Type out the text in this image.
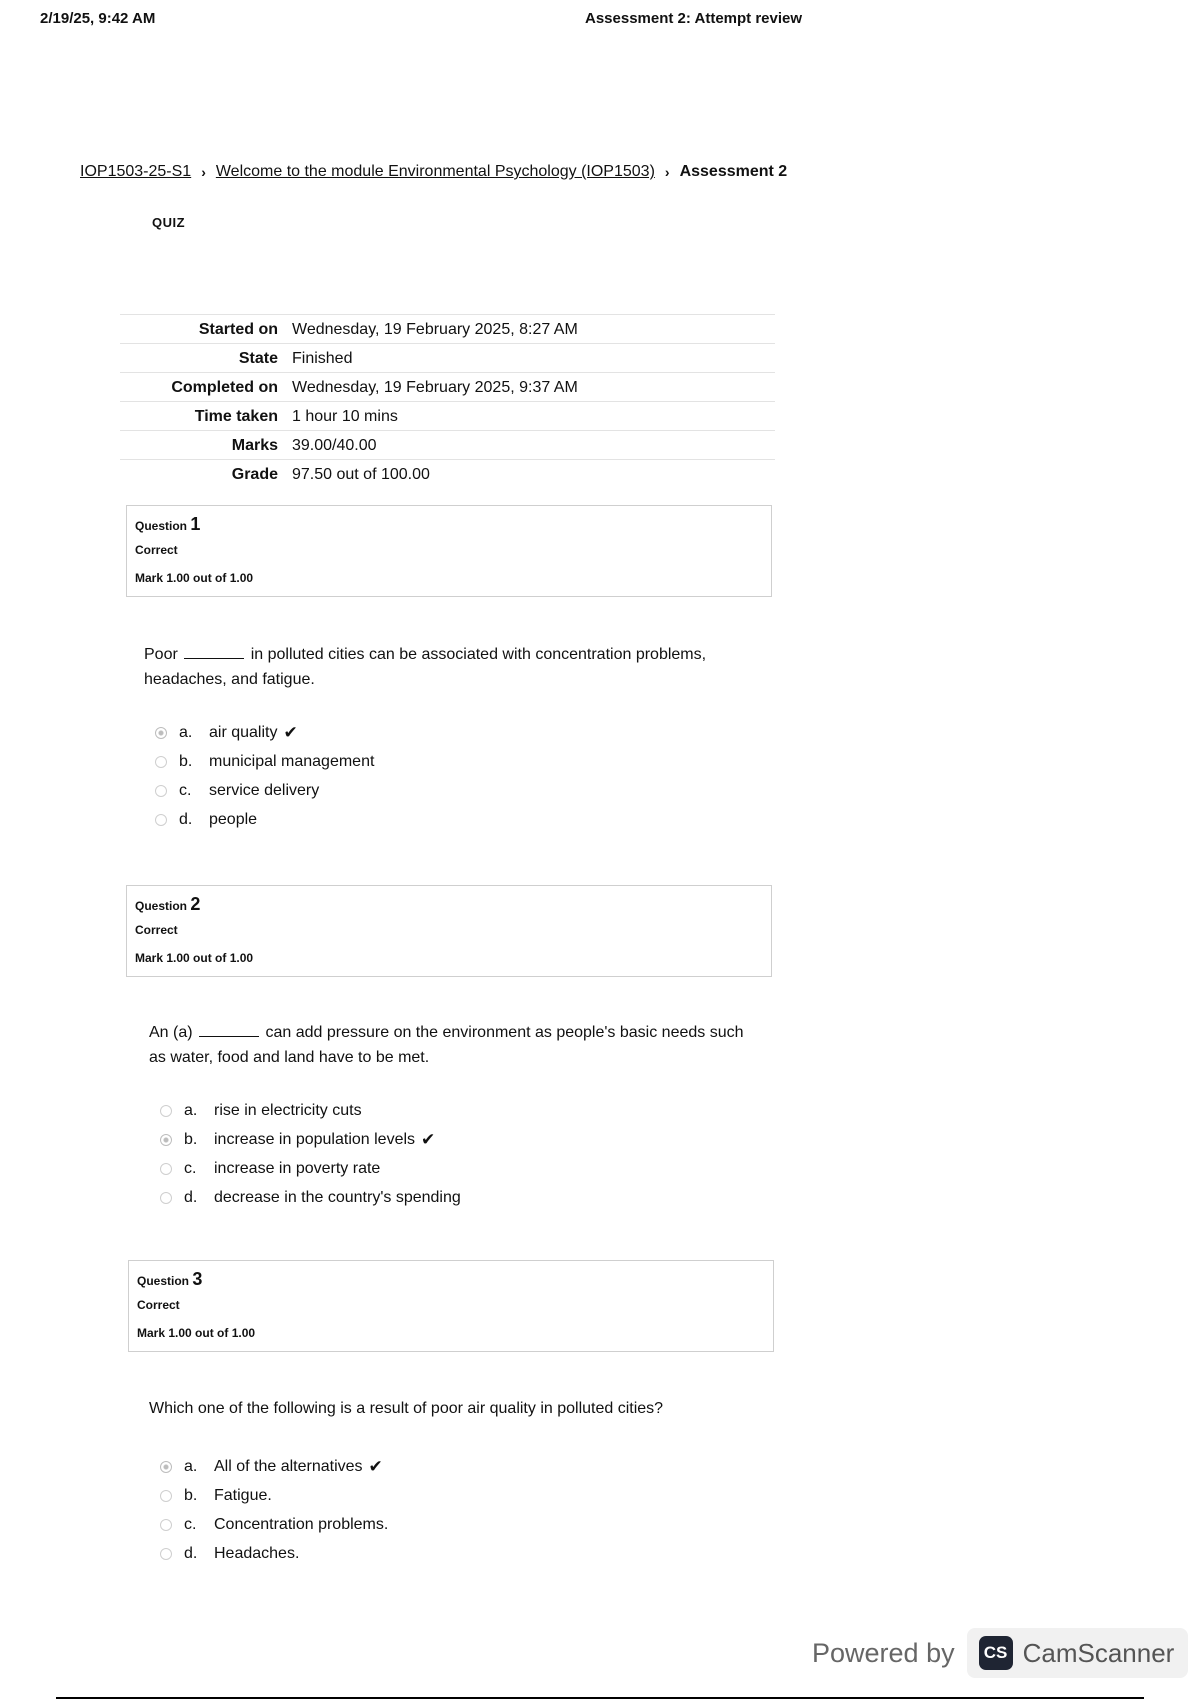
2/19/25, 9:42 AM	Assessment 2: Attempt review
IOP1503-25-S1 › Welcome to the module Environmental Psychology (IOP1503) › Assessment 2
QUIZ
Started on	Wednesday, 19 February 2025, 8:27 AM
State	Finished
Completed on	Wednesday, 19 February 2025, 9:37 AM
Time taken	1 hour 10 mins
Marks	39.00/40.00
Grade	97.50 out of 100.00
Question 1
Correct
Mark 1.00 out of 1.00
Poor	in polluted cities can be associated with concentration problems, headaches, and fatigue.
a.	air quality ✔
b.	municipal management
c.	service delivery
d.	people
Question 2
Correct
Mark 1.00 out of 1.00
An (a)	can add pressure on the environment as people's basic needs such as water, food and land have to be met.
a.	rise in electricity cuts
b.	increase in population levels ✔
c.	increase in poverty rate
d.	decrease in the country's spending
Question 3
Correct
Mark 1.00 out of 1.00
Which one of the following is a result of poor air quality in polluted cities?
a.	All of the alternatives ✔
b.	Fatigue.
c.	Concentration problems.
d.	Headaches.
Powered by	CS CamScanner
